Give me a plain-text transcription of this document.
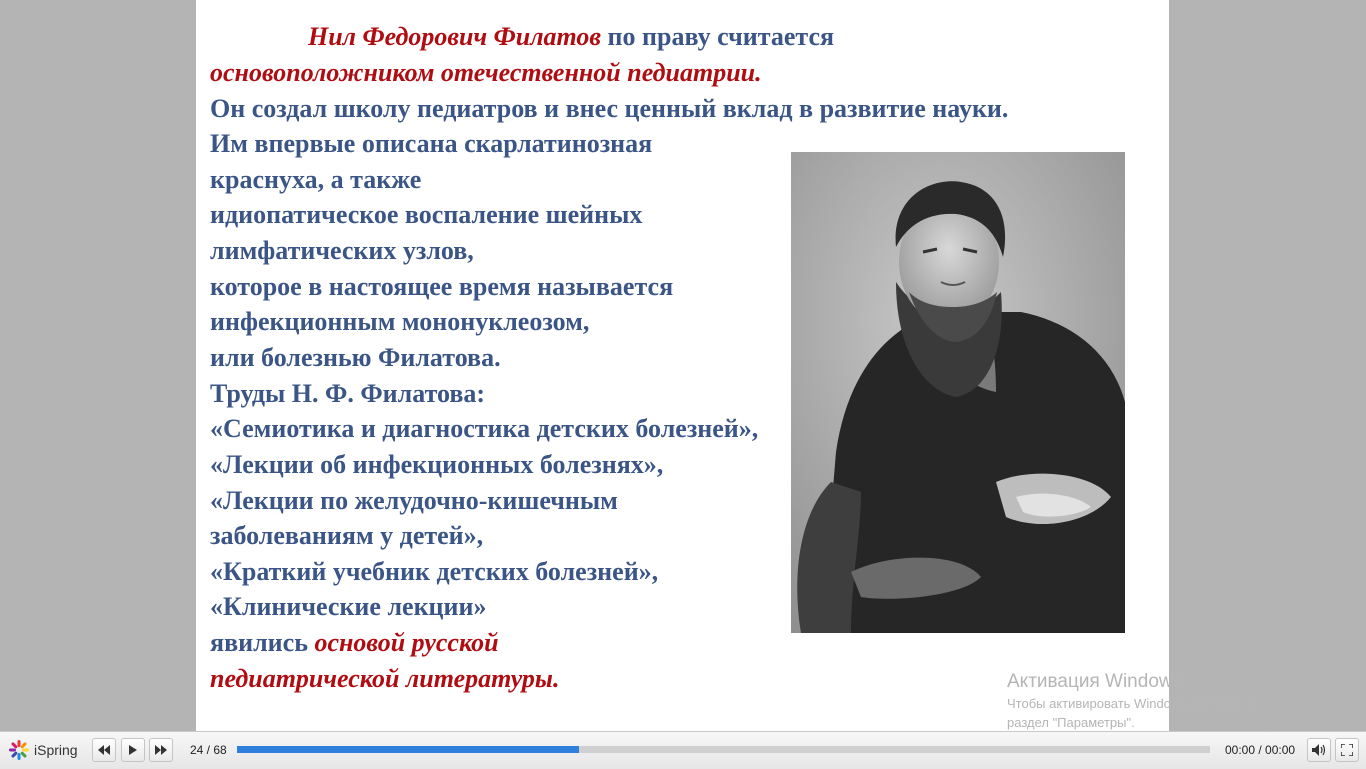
Нил Федорович Филатов по праву считается

основоположником отечественной педиатрии.

Он создал школу педиатров и внес ценный вклад в развитие науки.

Им впервые описана скарлатинозная

краснуха, а также

идиопатическое воспаление шейных

лимфатических узлов,

которое в настоящее время называется

инфекционным мононуклеозом,

или болезнью Филатова.

Труды Н. Ф. Филатова:

«Семиотика и диагностика детских болезней»,

«Лекции об инфекционных болезнях»,

«Лекции по желудочно-кишечным

заболеваниям у детей»,

«Краткий учебник детских болезней»,

«Клинические лекции»

явились основой русской

педиатрической литературы.	Активация Windows
Чтобы активировать Windows, перейдите в
раздел "Параметры".
iSpring	24 / 68	00:00 / 00:00
